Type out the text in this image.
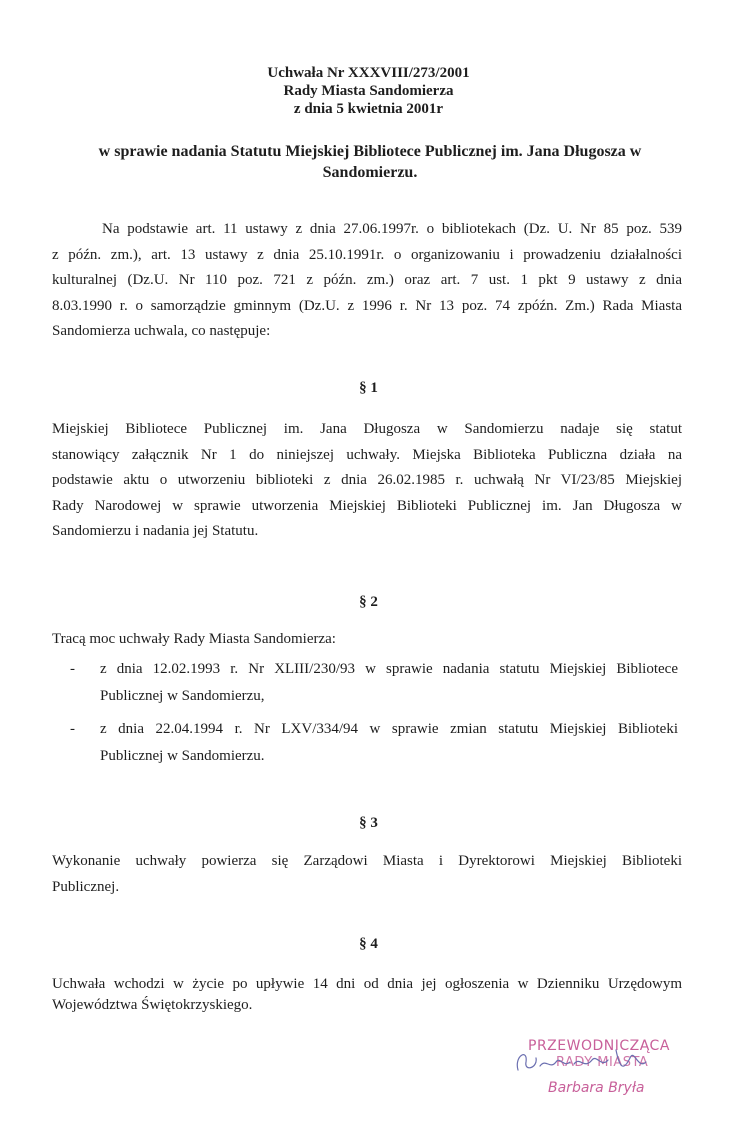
Uchwała Nr XXXVIII/273/2001
Rady Miasta Sandomierza
z dnia 5 kwietnia 2001r
w sprawie nadania Statutu Miejskiej Bibliotece Publicznej im. Jana Długosza w
Sandomierzu.
Na podstawie art. 11 ustawy z dnia 27.06.1997r. o bibliotekach (Dz. U. Nr 85 poz. 539
z późn. zm.), art. 13 ustawy z dnia 25.10.1991r. o organizowaniu i prowadzeniu działalności
kulturalnej (Dz.U. Nr 110 poz. 721 z późn. zm.) oraz art. 7 ust. 1 pkt 9 ustawy z dnia
8.03.1990 r. o samorządzie gminnym (Dz.U. z 1996 r. Nr 13 poz. 74 zpóźn. Zm.) Rada Miasta
Sandomierza uchwala, co następuje:
§ 1
Miejskiej Bibliotece Publicznej im. Jana Długosza w Sandomierzu nadaje się statut
stanowiący załącznik Nr 1 do niniejszej uchwały. Miejska Biblioteka Publiczna działa na
podstawie aktu o utworzeniu biblioteki z dnia 26.02.1985 r. uchwałą Nr VI/23/85 Miejskiej
Rady Narodowej w sprawie utworzenia Miejskiej Biblioteki Publicznej im. Jan Długosza w
Sandomierzu i nadania jej Statutu.
§ 2
Tracą moc uchwały Rady Miasta Sandomierza:
- z dnia 12.02.1993 r. Nr XLIII/230/93 w sprawie nadania statutu Miejskiej Bibliotece
Publicznej w Sandomierzu,
- z dnia 22.04.1994 r. Nr LXV/334/94 w sprawie zmian statutu Miejskiej Biblioteki
Publicznej w Sandomierzu.
§ 3
Wykonanie uchwały powierza się Zarządowi Miasta i Dyrektorowi Miejskiej Biblioteki
Publicznej.
§ 4
Uchwała wchodzi w życie po upływie 14 dni od dnia jej ogłoszenia w Dzienniku Urzędowym
Województwa Świętokrzyskiego.
PRZEWODNICZĄCA
RADY MIASTA
Barbara Bryła
